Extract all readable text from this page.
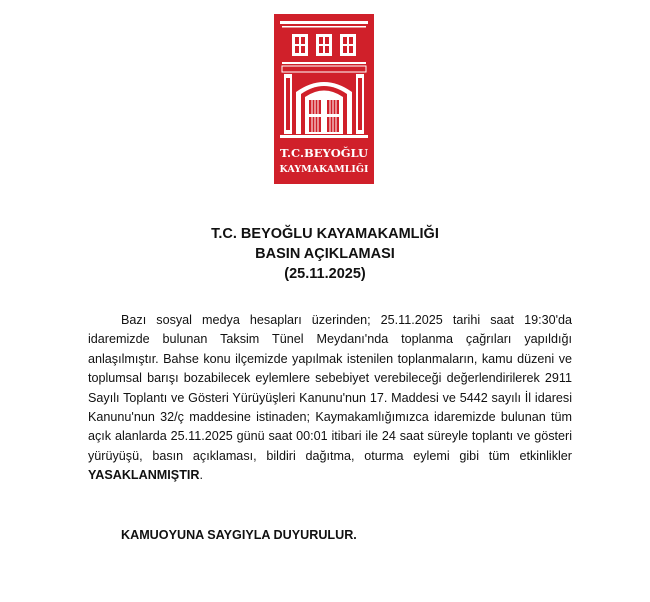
T.C.BEYOĞLU
KAYMAKAMLIĞI
T.C. BEYOĞLU KAYAMAKAMLIĞI
BASIN AÇIKLAMASI
(25.11.2025)

Bazı sosyal medya hesapları üzerinden; 25.11.2025 tarihi saat 19:30'da idaremizde bulunan Taksim Tünel Meydanı'nda toplanma çağrıları yapıldığı anlaşılmıştır. Bahse konu ilçemizde yapılmak istenilen toplanmaların, kamu düzeni ve toplumsal barışı bozabilecek eylemlere sebebiyet verebileceği değerlendirilerek 2911 Sayılı Toplantı ve Gösteri Yürüyüşleri Kanunu'nun 17. Maddesi ve 5442 sayılı İl idaresi Kanunu'nun 32/ç maddesine istinaden; Kaymakamlığımızca idaremizde bulunan tüm açık alanlarda 25.11.2025 günü saat 00:01 itibari ile 24 saat süreyle toplantı ve gösteri yürüyüşü, basın açıklaması, bildiri dağıtma, oturma eylemi gibi tüm etkinlikler YASAKLANMIŞTIR.

KAMUOYUNA SAYGIYLA DUYURULUR.
